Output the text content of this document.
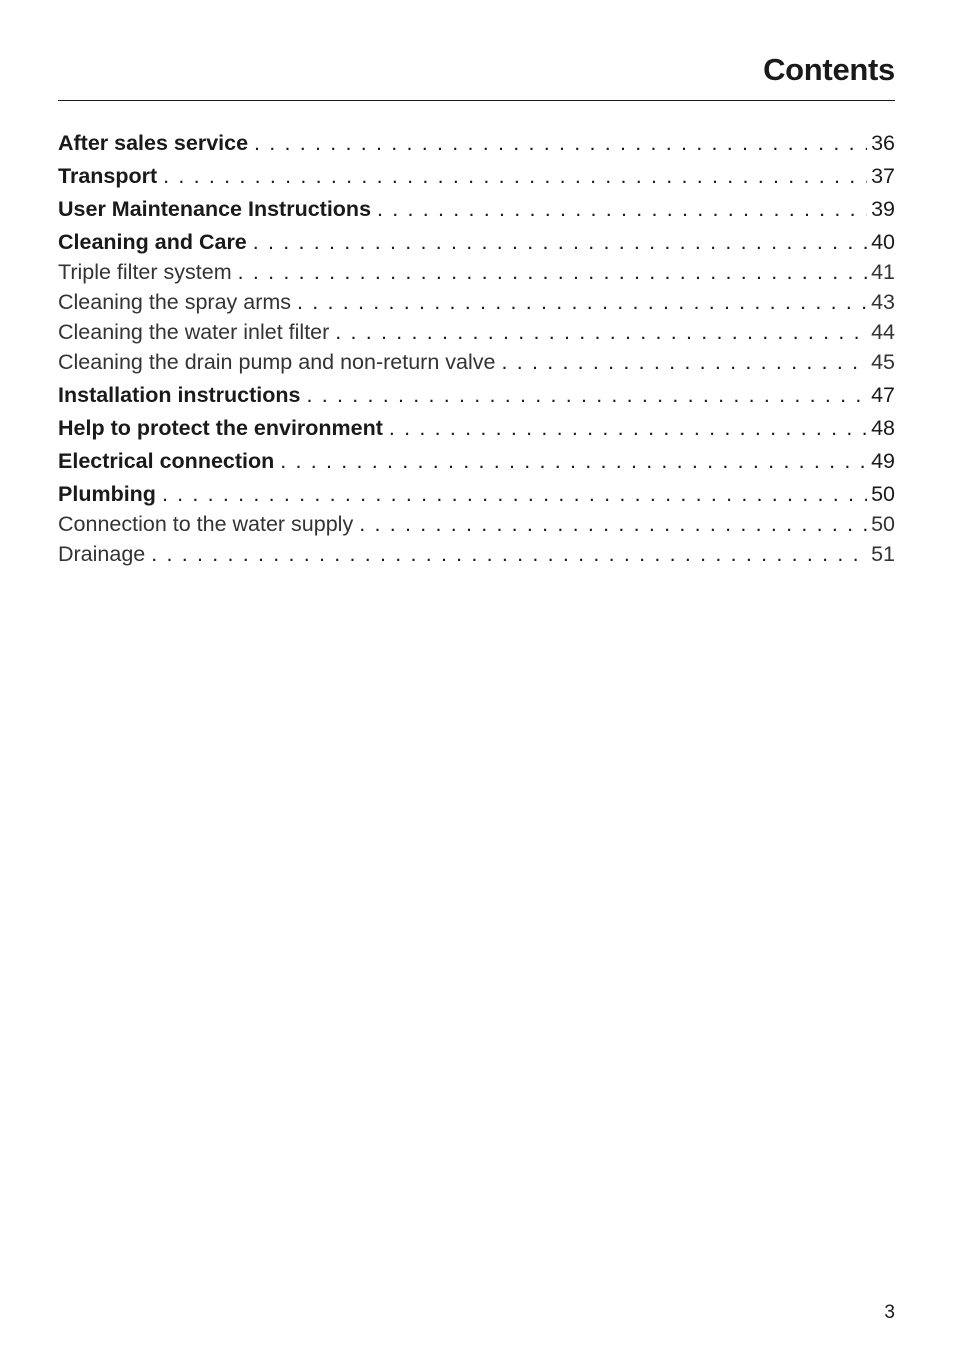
Contents
After sales service . . .	36
Transport . . .	37
User Maintenance Instructions . . .	39
Cleaning and Care . . .	40
Triple filter system . . .	41
Cleaning the spray arms . . .	43
Cleaning the water inlet filter . . .	44
Cleaning the drain pump and non-return valve . . .	45
Installation instructions . . .	47
Help to protect the environment . . .	48
Electrical connection . . .	49
Plumbing . . .	50
Connection to the water supply . . .	50
Drainage . . .	51
3
